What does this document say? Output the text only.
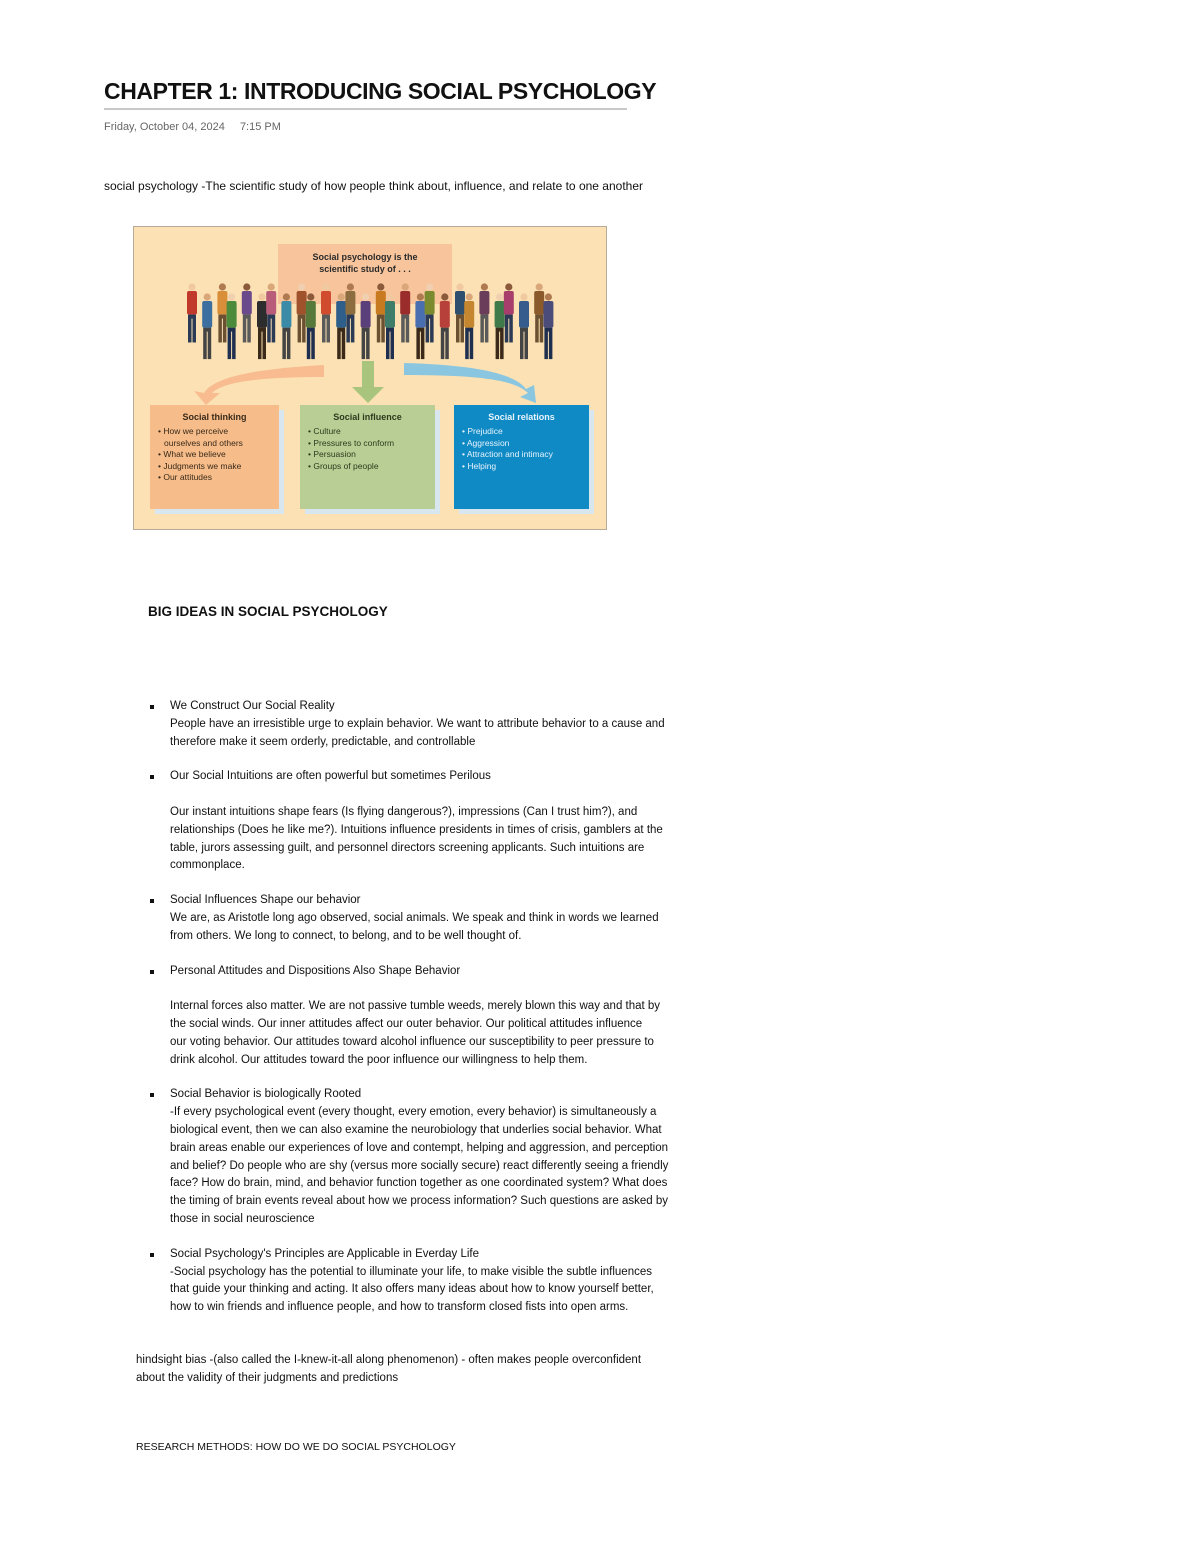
CHAPTER 1: INTRODUCING SOCIAL PSYCHOLOGY
Friday, October 04, 2024 7:15 PM
social psychology -The scientific study of how people think about, influence, and relate to one another
Social psychology is the
scientific study of . . .
Social thinking
• How we perceive
ourselves and others
• What we believe
• Judgments we make
• Our attitudes
Social influence
• Culture
• Pressures to conform
• Persuasion
• Groups of people
Social relations
• Prejudice
• Aggression
• Attraction and intimacy
• Helping
BIG IDEAS IN SOCIAL PSYCHOLOGY

We Construct Our Social Reality

People have an irresistible urge to explain behavior. We want to attribute behavior to a cause and

therefore make it seem orderly, predictable, and controllable

Our Social Intuitions are often powerful but sometimes Perilous

Our instant intuitions shape fears (Is flying dangerous?), impressions (Can I trust him?), and

relationships (Does he like me?). Intuitions influence presidents in times of crisis, gamblers at the

table, jurors assessing guilt, and personnel directors screening applicants. Such intuitions are

commonplace.

Social Influences Shape our behavior

We are, as Aristotle long ago observed, social animals. We speak and think in words we learned

from others. We long to connect, to belong, and to be well thought of.

Personal Attitudes and Dispositions Also Shape Behavior

Internal forces also matter. We are not passive tumble weeds, merely blown this way and that by

the social winds. Our inner attitudes affect our outer behavior. Our political attitudes influence

our voting behavior. Our attitudes toward alcohol influence our susceptibility to peer pressure to

drink alcohol. Our attitudes toward the poor influence our willingness to help them.

Social Behavior is biologically Rooted

-If every psychological event (every thought, every emotion, every behavior) is simultaneously a

biological event, then we can also examine the neurobiology that underlies social behavior. What

brain areas enable our experiences of love and contempt, helping and aggression, and perception

and belief? Do people who are shy (versus more socially secure) react differently seeing a friendly

face? How do brain, mind, and behavior function together as one coordinated system? What does

the timing of brain events reveal about how we process information? Such questions are asked by

those in social neuroscience

Social Psychology's Principles are Applicable in Everday Life

-Social psychology has the potential to illuminate your life, to make visible the subtle influences

that guide your thinking and acting. It also offers many ideas about how to know yourself better,

how to win friends and influence people, and how to transform closed fists into open arms.

hindsight bias -(also called the I-knew-it-all along phenomenon) - often makes people overconfident

about the validity of their judgments and predictions

RESEARCH METHODS: HOW DO WE DO SOCIAL PSYCHOLOGY
